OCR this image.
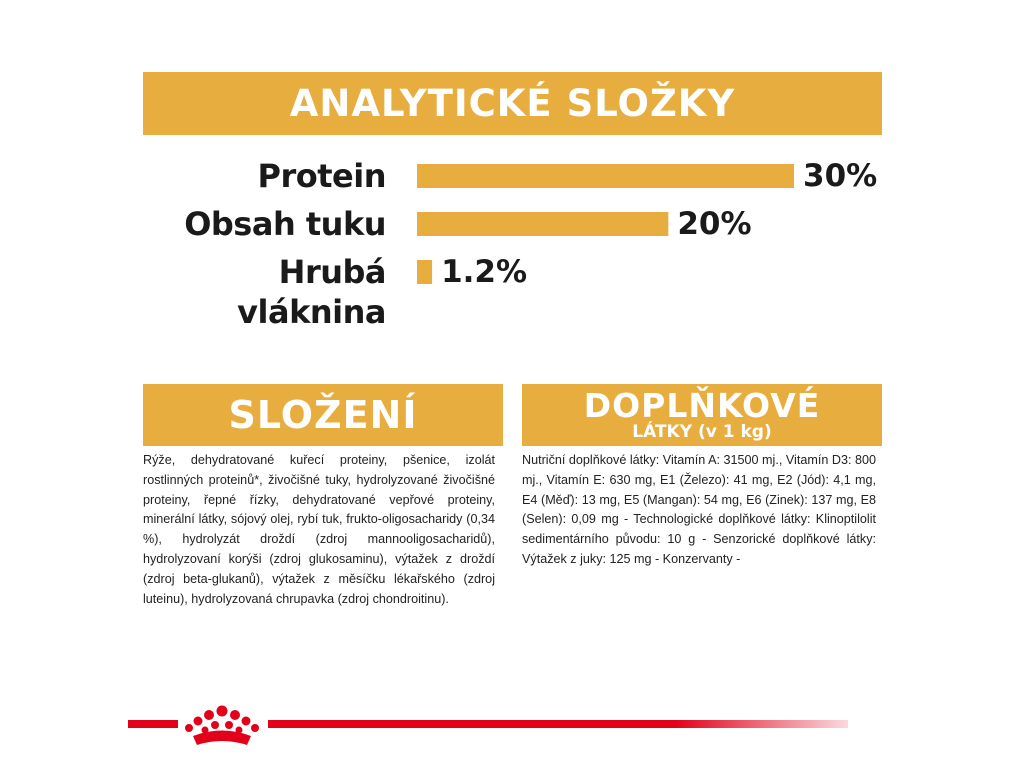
ANALYTICKÉ SLOŽKY
SLOŽENÍ

Rýže, dehydratované kuřecí proteiny, pšenice, izolát rostlinných proteinů*, živočišné tuky, hydrolyzované živočišné proteiny, řepné řízky, dehydratované vepřové proteiny, minerální látky, sójový olej, rybí tuk, frukto-oligosacharidy (0,34 %), hydrolyzát droždí (zdroj mannooligosacharidů), hydrolyzovaní korýši (zdroj glukosaminu), výtažek z droždí (zdroj beta-glukanů), výtažek z měsíčku lékařského (zdroj luteinu), hydrolyzovaná chrupavka (zdroj chondroitinu).

DOPLŇKOVÉ
LÁTKY (v 1 kg)

Nutriční doplňkové látky: Vitamín A: 31500 mj., Vitamín D3: 800 mj., Vitamín E: 630 mg, E1 (Železo): 41 mg, E2 (Jód): 4,1 mg, E4 (Měď): 13 mg, E5 (Mangan): 54 mg, E6 (Zinek): 137 mg, E8 (Selen): 0,09 mg - Technologické doplňkové látky: Klinoptilolit sedimentárního původu: 10 g - Senzorické doplňkové látky: Výtažek z juky: 125 mg - Konzervanty -

Protein	30%
Obsah tuku	20%
Hrubá vláknina
1.2%
